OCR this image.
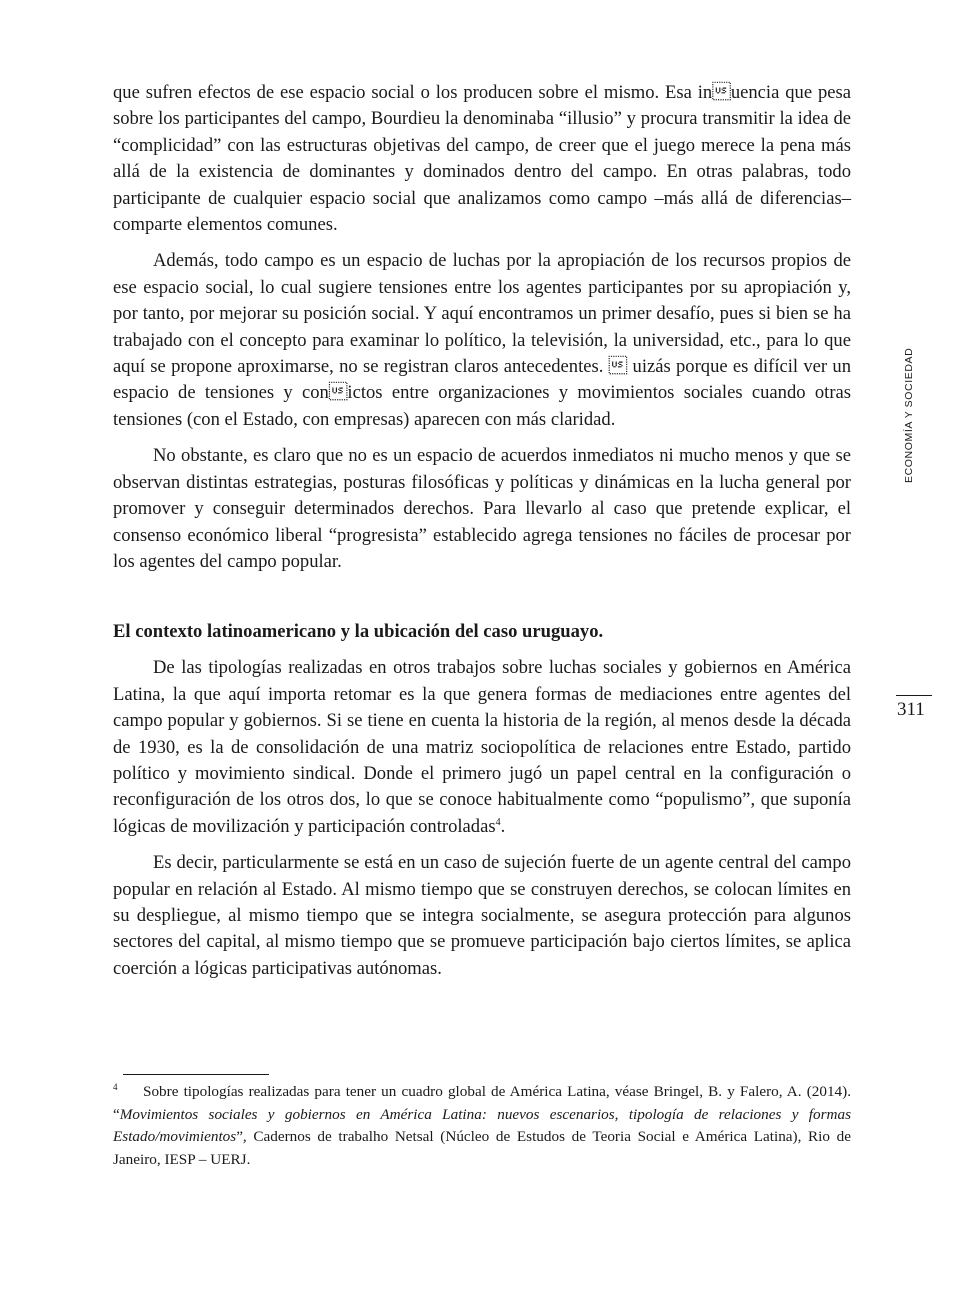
que sufren efectos de ese espacio social o los producen sobre el mismo. Esa inuencia que pesa sobre los participantes del campo, Bourdieu la denominaba “illusio” y procura transmitir la idea de “complicidad” con las estructuras objetivas del campo, de creer que el juego merece la pena más allá de la existencia de dominantes y dominados dentro del campo. En otras palabras, todo participante de cualquier espacio social que analizamos como campo –más allá de diferencias– comparte elementos comunes.

Además, todo campo es un espacio de luchas por la apropiación de los recursos propios de ese espacio social, lo cual sugiere tensiones entre los agentes participantes por su apropiación y, por tanto, por mejorar su posición social. Y aquí encontramos un primer desafío, pues si bien se ha trabajado con el concepto para examinar lo político, la televisión, la universidad, etc., para lo que aquí se propone aproximarse, no se registran claros antecedentes.  uizás porque es difícil ver un espacio de tensiones y conictos entre organizaciones y movimientos sociales cuando otras tensiones (con el Estado, con empresas) aparecen con más claridad.

No obstante, es claro que no es un espacio de acuerdos inmediatos ni mucho menos y que se observan distintas estrategias, posturas filosóficas y políticas y dinámicas en la lucha general por promover y conseguir determinados derechos. Para llevarlo al caso que pretende explicar, el consenso económico liberal “progresista” establecido agrega tensiones no fáciles de procesar por los agentes del campo popular.

El contexto latinoamericano y la ubicación del caso uruguayo.

De las tipologías realizadas en otros trabajos sobre luchas sociales y gobiernos en América Latina, la que aquí importa retomar es la que genera formas de mediaciones entre agentes del campo popular y gobiernos. Si se tiene en cuenta la historia de la región, al menos desde la década de 1930, es la de consolidación de una matriz sociopolítica de relaciones entre Estado, partido político y movimiento sindical. Donde el primero jugó un papel central en la configuración o reconfiguración de los otros dos, lo que se conoce habitualmente como “populismo”, que suponía lógicas de movilización y participación controladas$^4$.

Es decir, particularmente se está en un caso de sujeción fuerte de un agente central del campo popular en relación al Estado. Al mismo tiempo que se construyen derechos, se colocan límites en su despliegue, al mismo tiempo que se integra socialmente, se asegura protección para algunos sectores del capital, al mismo tiempo que se promueve participación bajo ciertos límites, se aplica coerción a lógicas participativas autónomas.

4 Sobre tipologías realizadas para tener un cuadro global de América Latina, véase Bringel, B. y Falero, A. (2014). “Movimientos sociales y gobiernos en América Latina: nuevos escenarios, tipología de relaciones y formas Estado/movimientos”, Cadernos de trabalho Netsal (Núcleo de Estudos de Teoria Social e América Latina), Rio de Janeiro, IESP – UERJ.

ECONOMÍA Y SOCIEDAD
311
